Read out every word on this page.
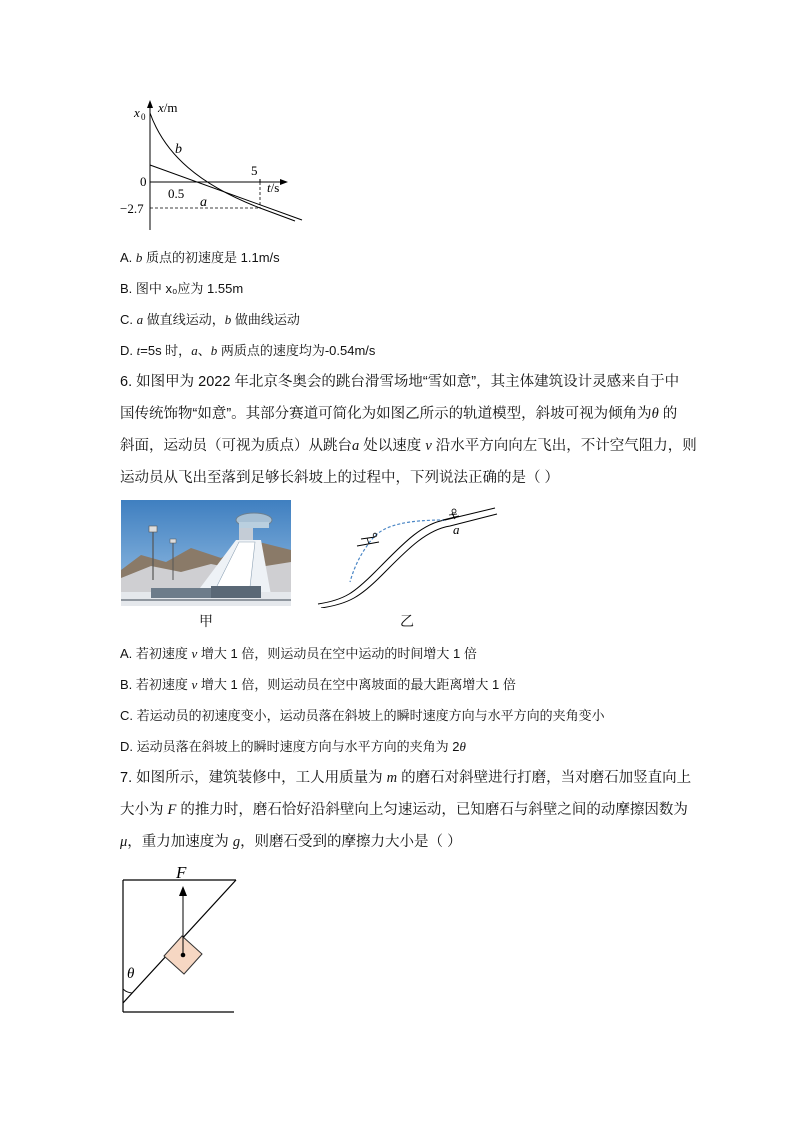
x 0
x/m
b
5
0
0.5
a
t/s
−2.7
A. b 质点的初速度是 1.1m/s
B. 图中 x₀应为 1.55m
C. a 做直线运动，b 做曲线运动
D. t=5s 时，a、b 两质点的速度均为-0.54m/s
6. 如图甲为 2022 年北京冬奥会的跳台滑雪场地“雪如意”，其主体建筑设计灵感来自于中
国传统饰物“如意”。其部分赛道可简化为如图乙所示的轨道模型，斜坡可视为倾角为θ 的
斜面，运动员（可视为质点）从跳台a 处以速度 v 沿水平方向向左飞出，不计空气阻力，则
运动员从飞出至落到足够长斜坡上的过程中，下列说法正确的是（ ）
甲
a
乙
A. 若初速度 v 增大 1 倍，则运动员在空中运动的时间增大 1 倍
B. 若初速度 v 增大 1 倍，则运动员在空中离坡面的最大距离增大 1 倍
C. 若运动员的初速度变小，运动员落在斜坡上的瞬时速度方向与水平方向的夹角变小
D. 运动员落在斜坡上的瞬时速度方向与水平方向的夹角为 2θ
7. 如图所示，建筑装修中，工人用质量为 m 的磨石对斜壁进行打磨，当对磨石加竖直向上
大小为 F 的推力时，磨石恰好沿斜壁向上匀速运动，已知磨石与斜壁之间的动摩擦因数为
μ，重力加速度为 g，则磨石受到的摩擦力大小是（ ）
F
θ
